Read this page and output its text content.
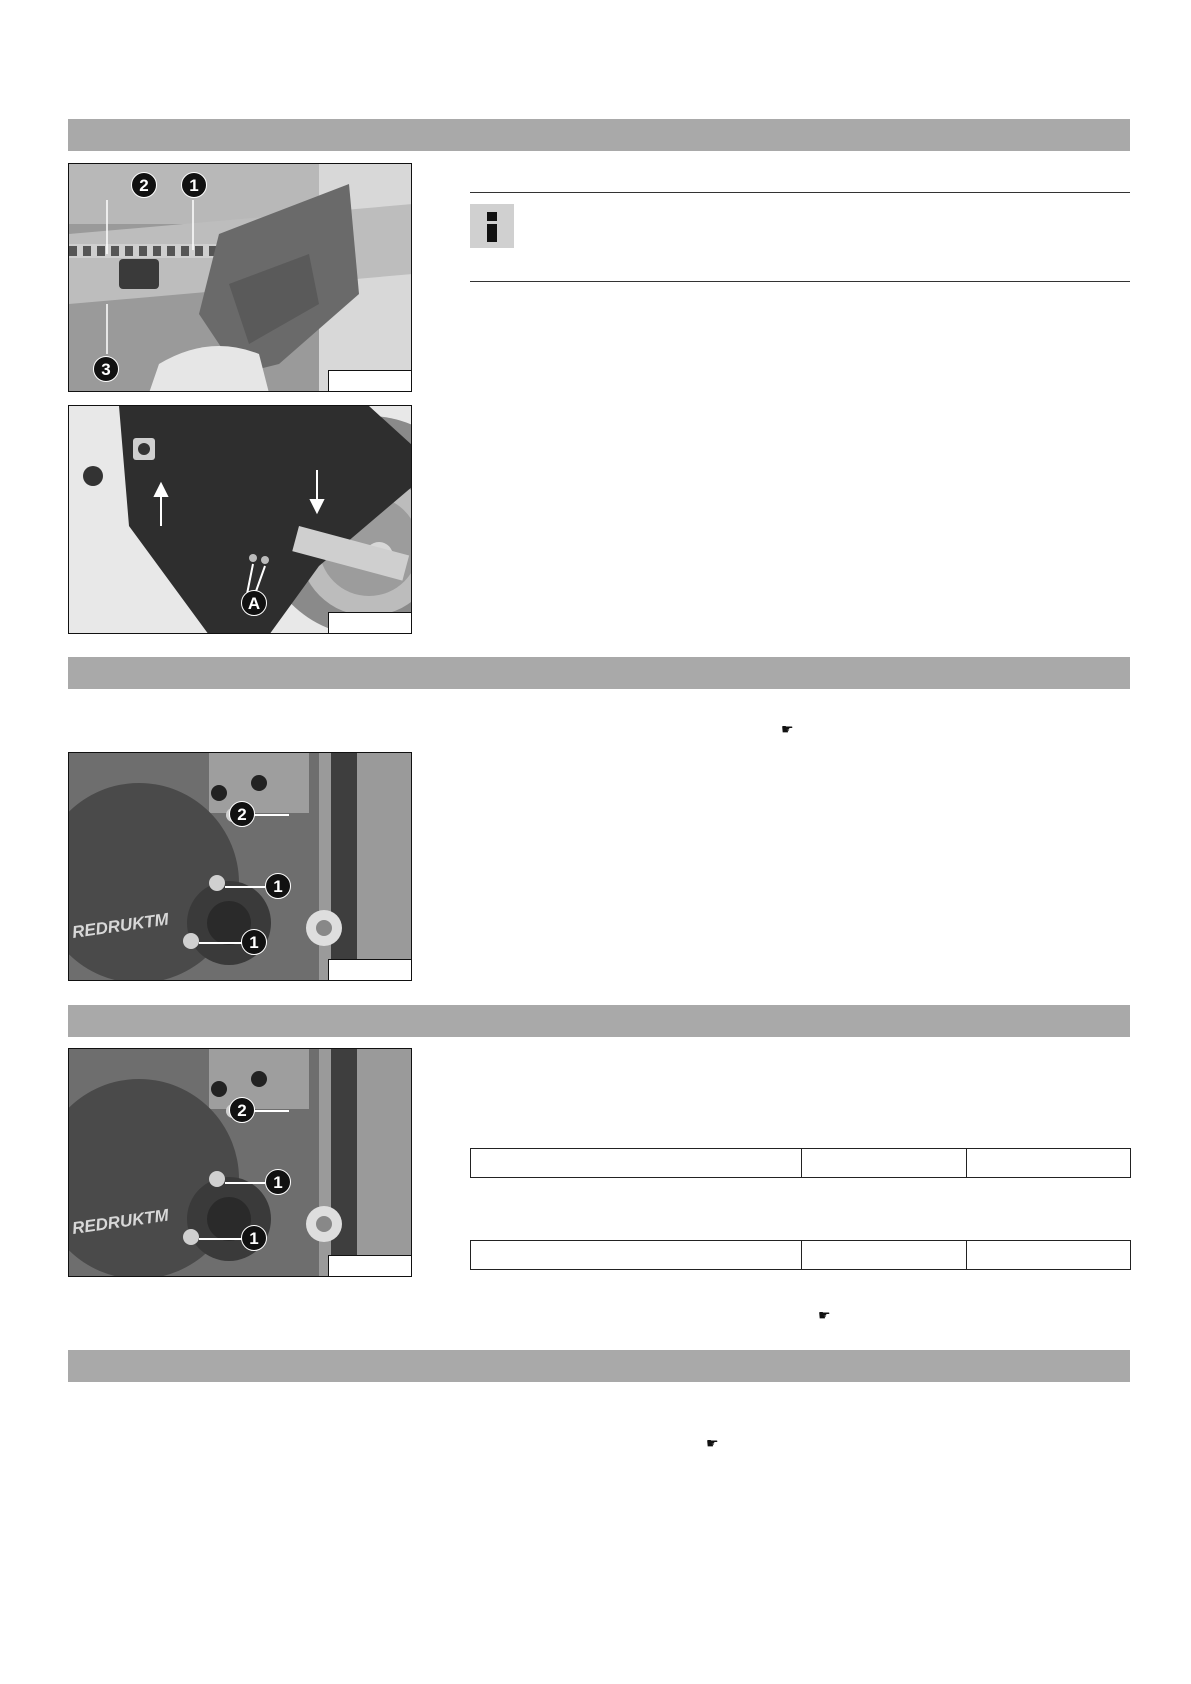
2	1
3
A
☛
REDRUKTM
2
1
1
REDRUKTM
2
1
1

☛
☛
